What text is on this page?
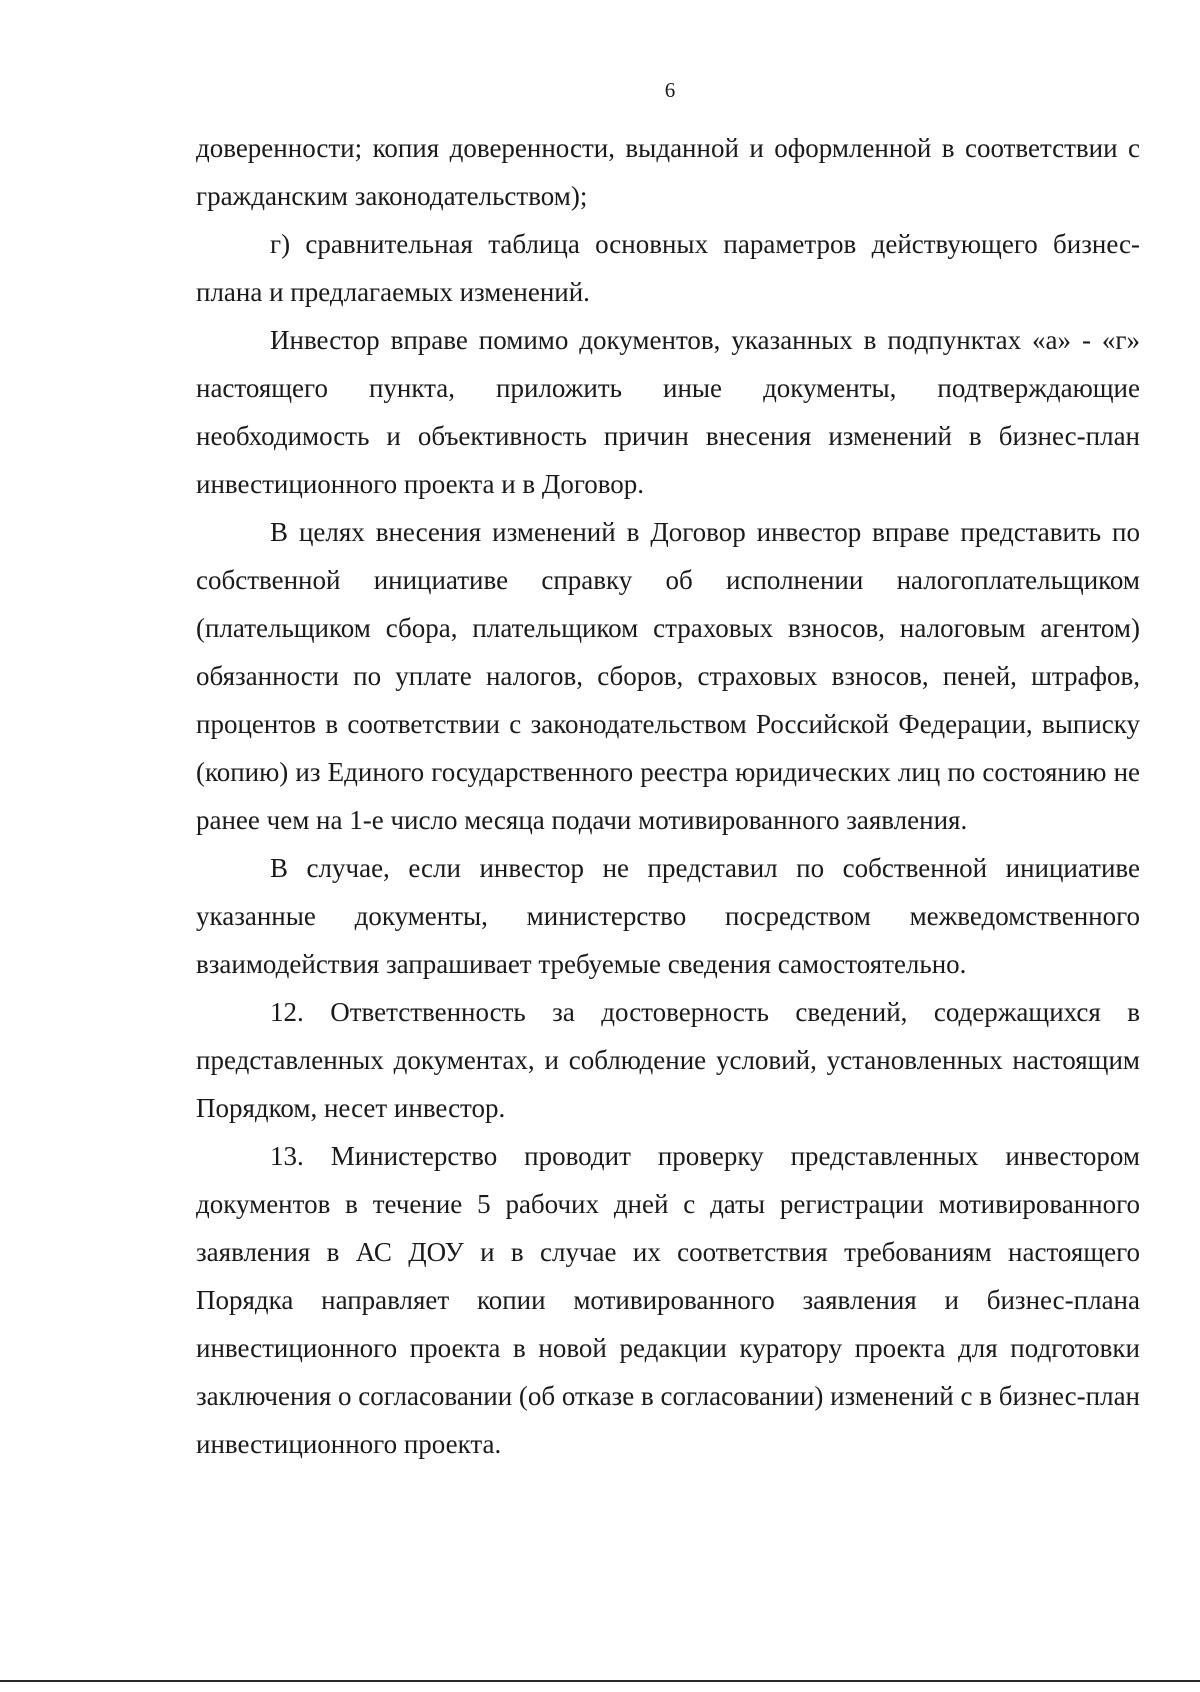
6

доверенности; копия доверенности, выданной и оформленной в соответствии с гражданским законодательством);

г) сравнительная таблица основных параметров действующего бизнес-плана и предлагаемых изменений.

Инвестор вправе помимо документов, указанных в подпунктах «а» - «г» настоящего пункта, приложить иные документы, подтверждающие необходимость и объективность причин внесения изменений в бизнес-план инвестиционного проекта и в Договор.

В целях внесения изменений в Договор инвестор вправе представить по собственной инициативе справку об исполнении налогоплательщиком (плательщиком сбора, плательщиком страховых взносов, налоговым агентом) обязанности по уплате налогов, сборов, страховых взносов, пеней, штрафов, процентов в соответствии с законодательством Российской Федерации, выписку (копию) из Единого государственного реестра юридических лиц по состоянию не ранее чем на 1-е число месяца подачи мотивированного заявления.

В случае, если инвестор не представил по собственной инициативе указанные документы, министерство посредством межведомственного взаимодействия запрашивает требуемые сведения самостоятельно.

12. Ответственность за достоверность сведений, содержащихся в представленных документах, и соблюдение условий, установленных настоящим Порядком, несет инвестор.

13. Министерство проводит проверку представленных инвестором документов в течение 5 рабочих дней с даты регистрации мотивированного заявления в АС ДОУ и в случае их соответствия требованиям настоящего Порядка направляет копии мотивированного заявления и бизнес-плана инвестиционного проекта в новой редакции куратору проекта для подготовки заключения о согласовании (об отказе в согласовании) изменений с в бизнес-план инвестиционного проекта.
